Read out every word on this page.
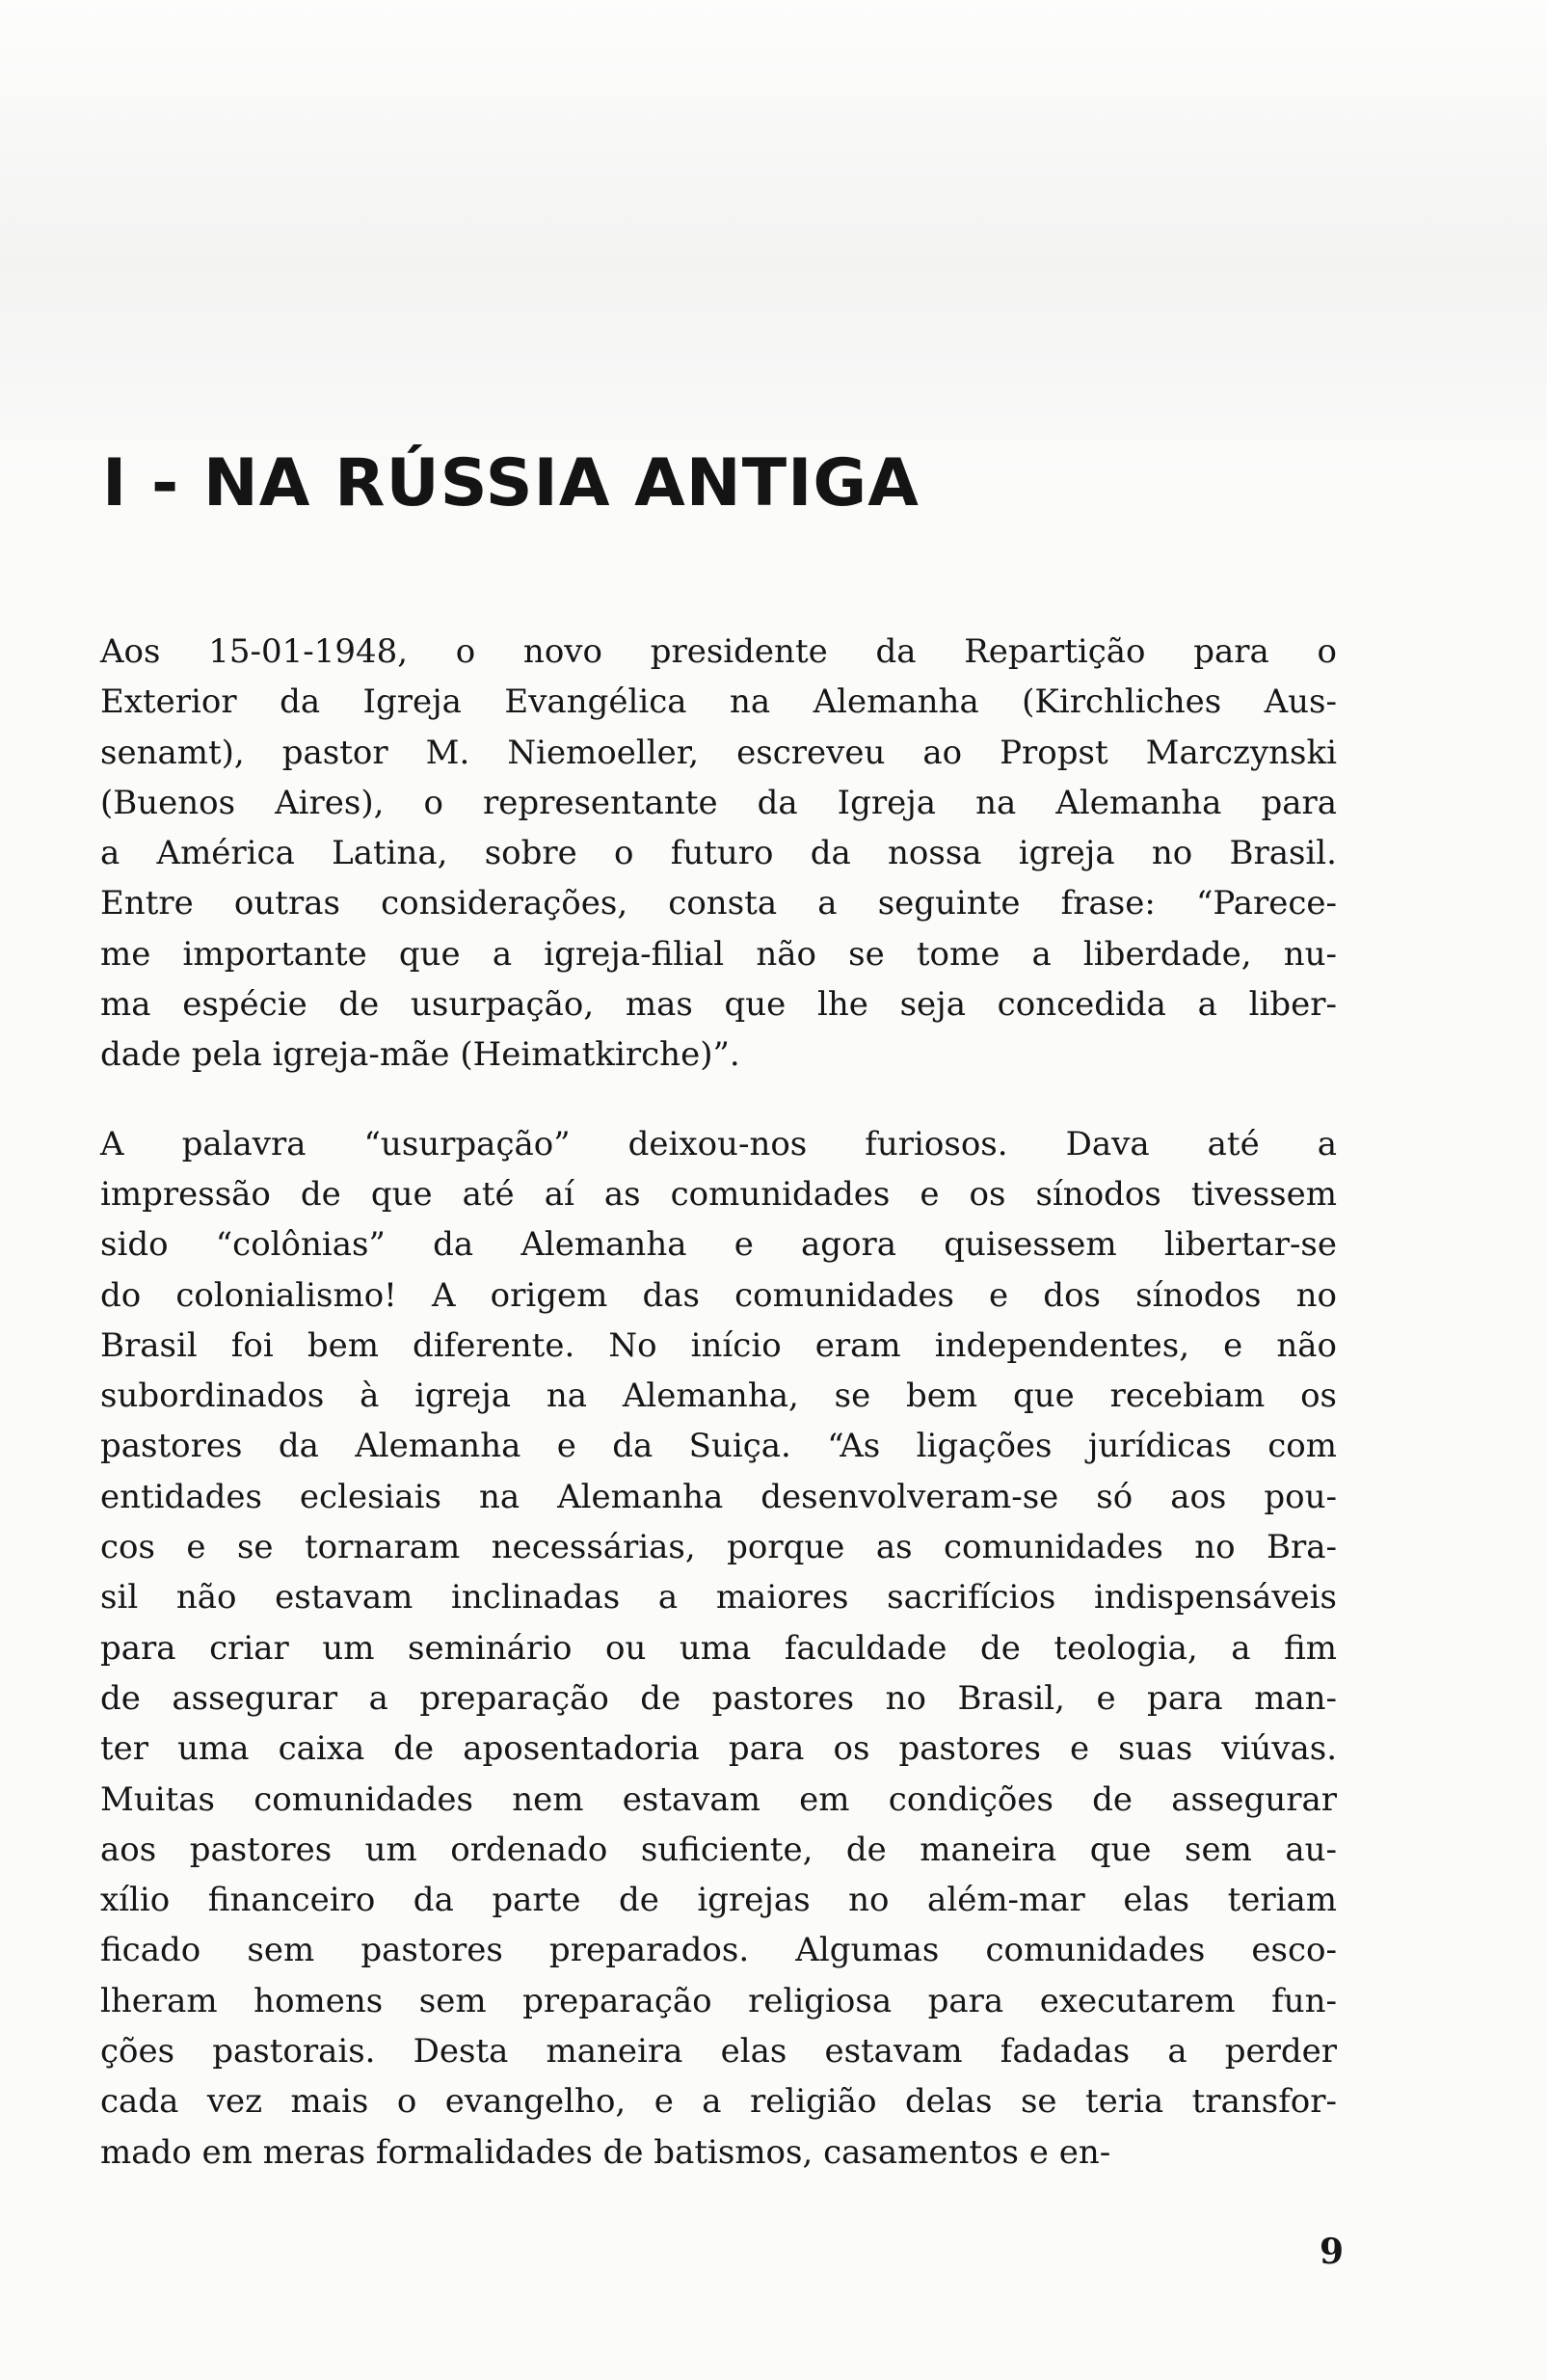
I - NA RÚSSIA ANTIGA

Aos 15-01-1948, o novo presidente da Repartição para o
Exterior da Igreja Evangélica na Alemanha (Kirchliches Aus-
senamt), pastor M. Niemoeller, escreveu ao Propst Marczynski
(Buenos Aires), o representante da Igreja na Alemanha para
a América Latina, sobre o futuro da nossa igreja no Brasil.
Entre outras considerações, consta a seguinte frase: “Parece-
me importante que a igreja-filial não se tome a liberdade, nu-
ma espécie de usurpação, mas que lhe seja concedida a liber-
dade pela igreja-mãe (Heimatkirche)”.

A palavra “usurpação” deixou-nos furiosos. Dava até a
impressão de que até aí as comunidades e os sínodos tivessem
sido “colônias” da Alemanha e agora quisessem libertar-se
do colonialismo! A origem das comunidades e dos sínodos no
Brasil foi bem diferente. No início eram independentes, e não
subordinados à igreja na Alemanha, se bem que recebiam os
pastores da Alemanha e da Suiça. “As ligações jurídicas com
entidades eclesiais na Alemanha desenvolveram-se só aos pou-
cos e se tornaram necessárias, porque as comunidades no Bra-
sil não estavam inclinadas a maiores sacrifícios indispensáveis
para criar um seminário ou uma faculdade de teologia, a fim
de assegurar a preparação de pastores no Brasil, e para man-
ter uma caixa de aposentadoria para os pastores e suas viúvas.
Muitas comunidades nem estavam em condições de assegurar
aos pastores um ordenado suficiente, de maneira que sem au-
xílio financeiro da parte de igrejas no além-mar elas teriam
ficado sem pastores preparados. Algumas comunidades esco-
lheram homens sem preparação religiosa para executarem fun-
ções pastorais. Desta maneira elas estavam fadadas a perder
cada vez mais o evangelho, e a religião delas se teria transfor-
mado em meras formalidades de batismos, casamentos e en-

9
